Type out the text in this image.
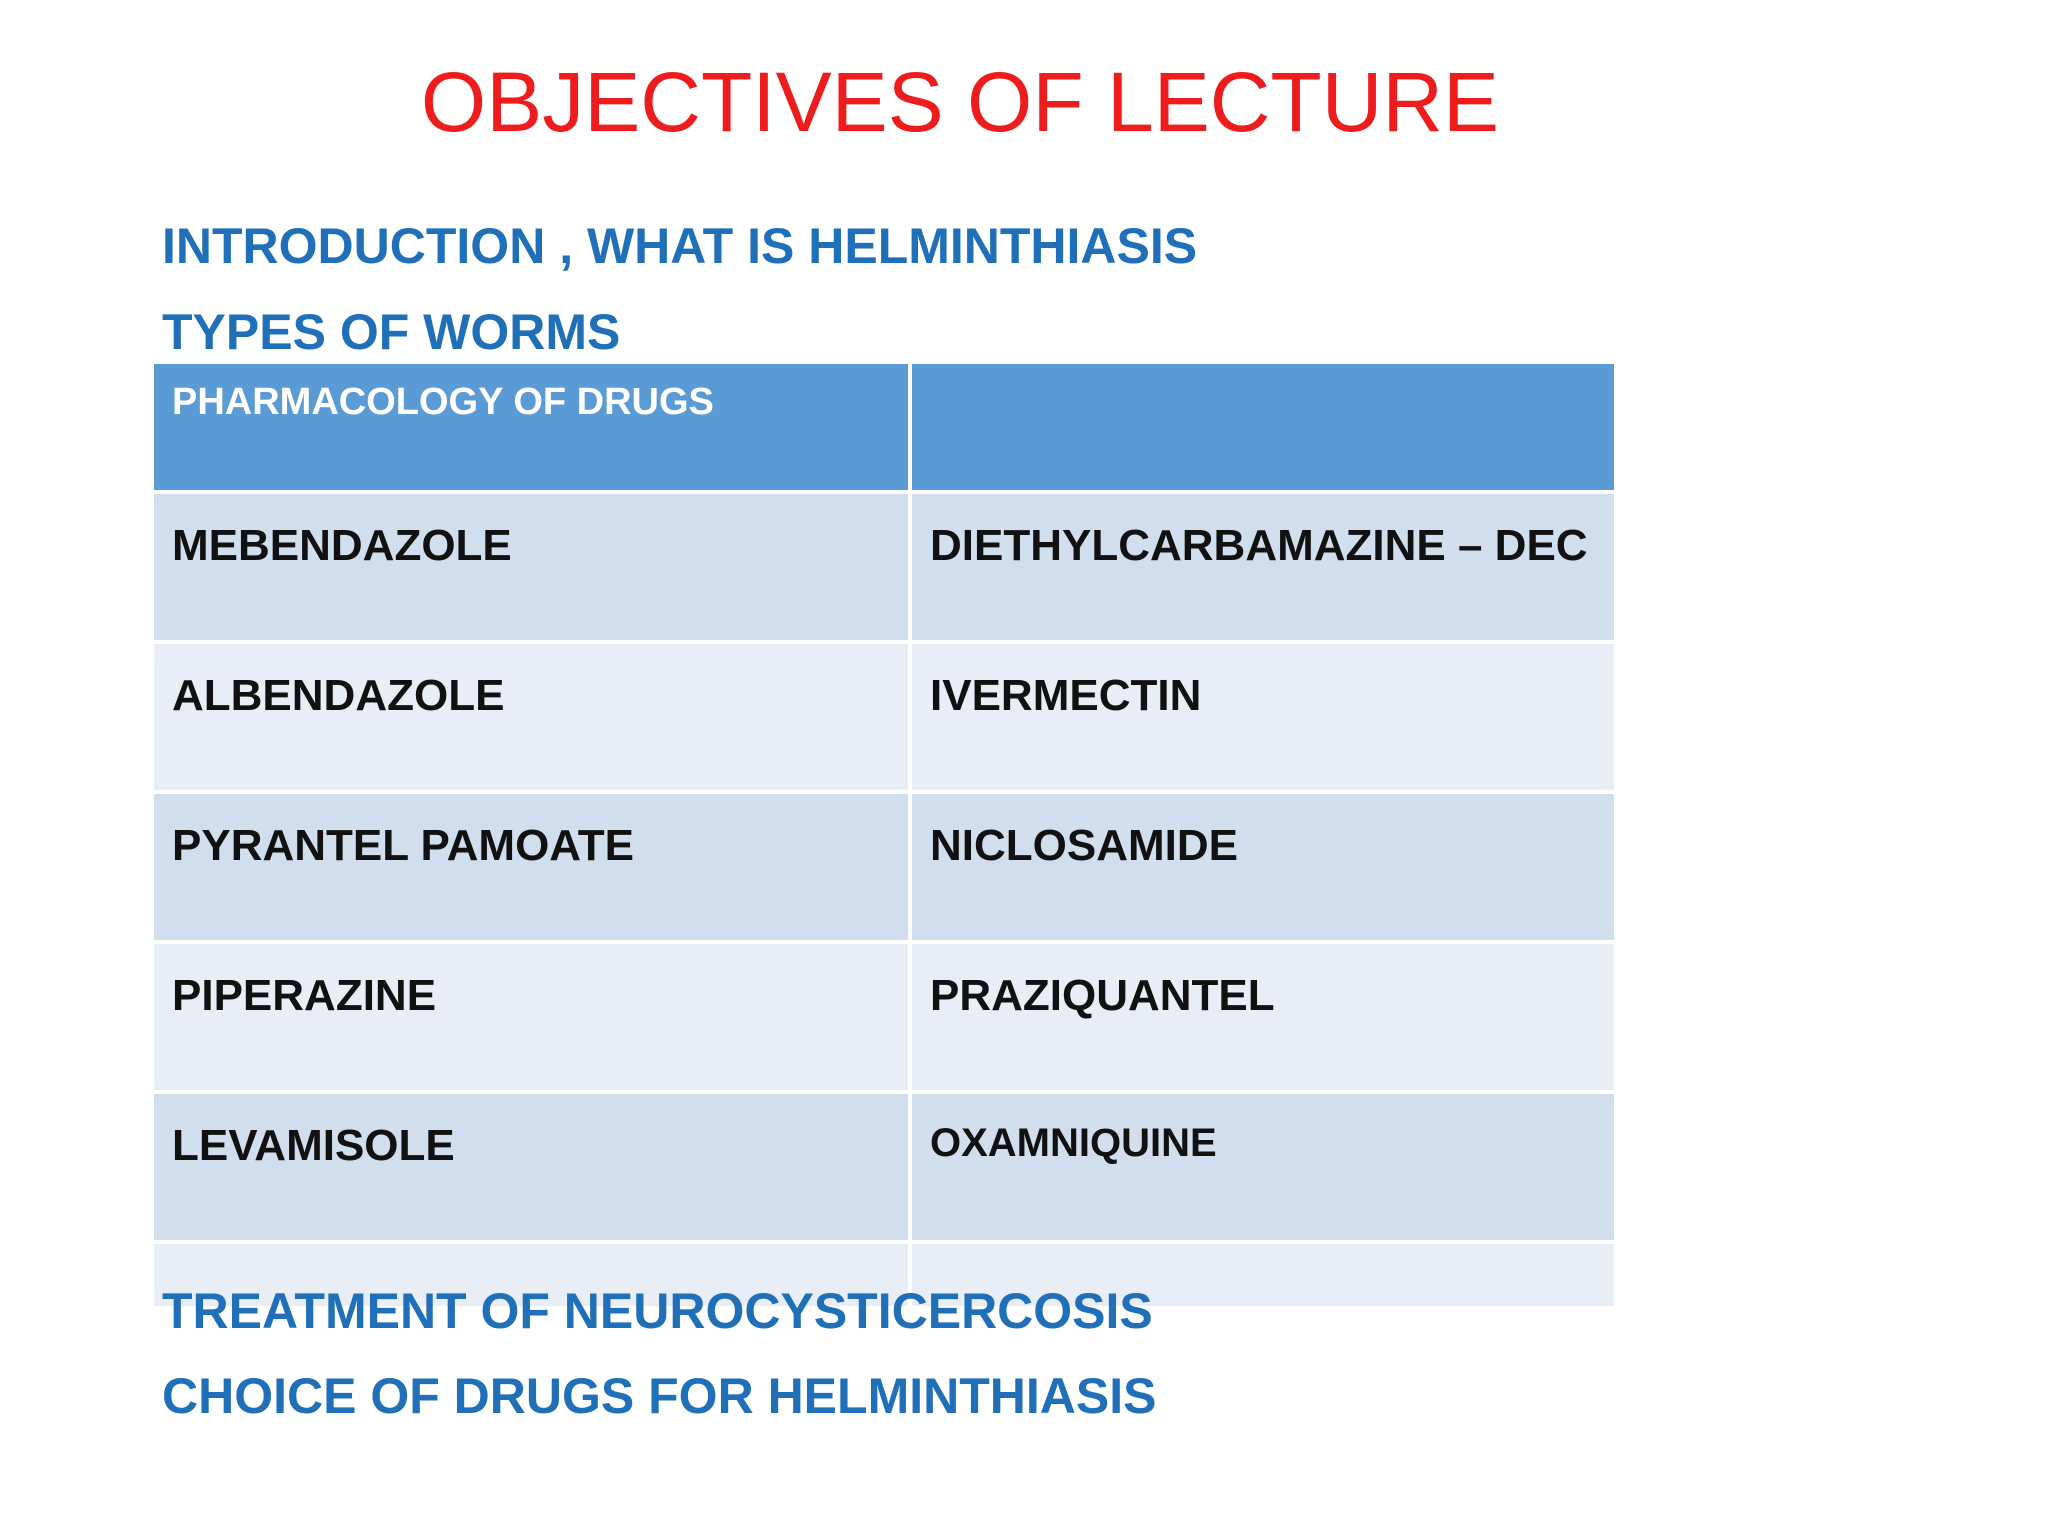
OBJECTIVES OF LECTURE
INTRODUCTION , WHAT IS HELMINTHIASIS
TYPES OF WORMS
PHARMACOLOGY OF DRUGS	
MEBENDAZOLE	DIETHYLCARBAMAZINE – DEC
ALBENDAZOLE	IVERMECTIN
PYRANTEL PAMOATE	NICLOSAMIDE
PIPERAZINE	PRAZIQUANTEL
LEVAMISOLE	OXAMNIQUINE

TREATMENT OF NEUROCYSTICERCOSIS
CHOICE OF DRUGS FOR HELMINTHIASIS
